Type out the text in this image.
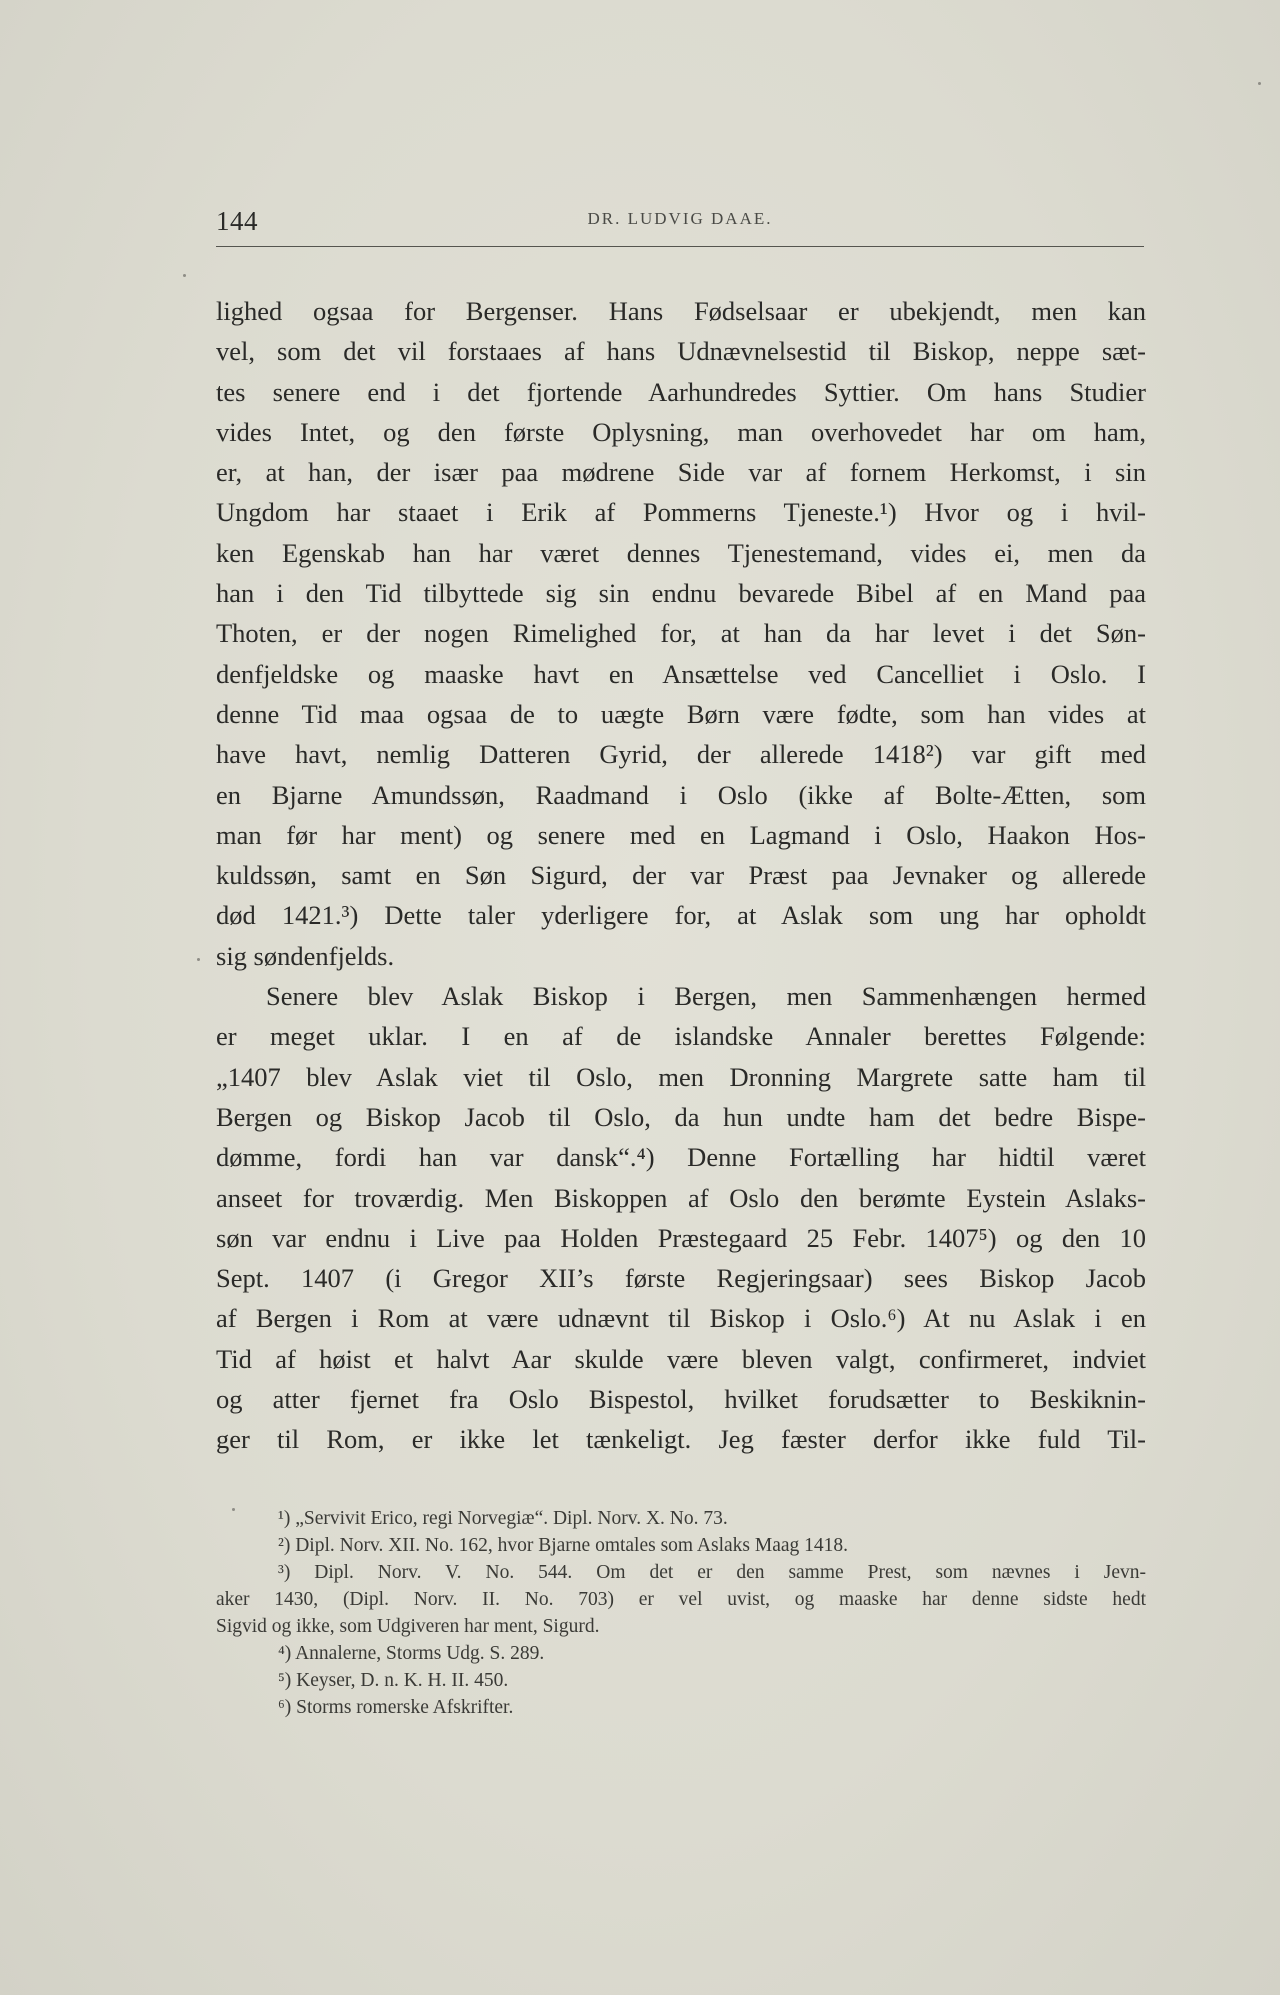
144	DR. LUDVIG DAAE.
lighed ogsaa for Bergenser. Hans Fødselsaar er ubekjendt, men kan
vel, som det vil forstaaes af hans Udnævnelsestid til Biskop, neppe sæt-
tes senere end i det fjortende Aarhundredes Syttier. Om hans Studier
vides Intet, og den første Oplysning, man overhovedet har om ham,
er, at han, der især paa mødrene Side var af fornem Herkomst, i sin
Ungdom har staaet i Erik af Pommerns Tjeneste.¹) Hvor og i hvil-
ken Egenskab han har været dennes Tjenestemand, vides ei, men da
han i den Tid tilbyttede sig sin endnu bevarede Bibel af en Mand paa
Thoten, er der nogen Rimelighed for, at han da har levet i det Søn-
denfjeldske og maaske havt en Ansættelse ved Cancelliet i Oslo. I
denne Tid maa ogsaa de to uægte Børn være fødte, som han vides at
have havt, nemlig Datteren Gyrid, der allerede 1418²) var gift med
en Bjarne Amundssøn, Raadmand i Oslo (ikke af Bolte-Ætten, som
man før har ment) og senere med en Lagmand i Oslo, Haakon Hos-
kuldssøn, samt en Søn Sigurd, der var Præst paa Jevnaker og allerede
død 1421.³) Dette taler yderligere for, at Aslak som ung har opholdt
sig søndenfjelds.
Senere blev Aslak Biskop i Bergen, men Sammenhængen hermed
er meget uklar. I en af de islandske Annaler berettes Følgende:
„1407 blev Aslak viet til Oslo, men Dronning Margrete satte ham til
Bergen og Biskop Jacob til Oslo, da hun undte ham det bedre Bispe-
dømme, fordi han var dansk“.⁴) Denne Fortælling har hidtil været
anseet for troværdig. Men Biskoppen af Oslo den berømte Eystein Aslaks-
søn var endnu i Live paa Holden Præstegaard 25 Febr. 1407⁵) og den 10
Sept. 1407 (i Gregor XII’s første Regjeringsaar) sees Biskop Jacob
af Bergen i Rom at være udnævnt til Biskop i Oslo.⁶) At nu Aslak i en
Tid af høist et halvt Aar skulde være bleven valgt, confirmeret, indviet
og atter fjernet fra Oslo Bispestol, hvilket forudsætter to Beskiknin-
ger til Rom, er ikke let tænkeligt. Jeg fæster derfor ikke fuld Til-
¹) „Servivit Erico, regi Norvegiæ“. Dipl. Norv. X. No. 73.
²) Dipl. Norv. XII. No. 162, hvor Bjarne omtales som Aslaks Maag 1418.
³) Dipl. Norv. V. No. 544. Om det er den samme Prest, som nævnes i Jevn-
aker 1430, (Dipl. Norv. II. No. 703) er vel uvist, og maaske har denne sidste hedt
Sigvid og ikke, som Udgiveren har ment, Sigurd.
⁴) Annalerne, Storms Udg. S. 289.
⁵) Keyser, D. n. K. H. II. 450.
⁶) Storms romerske Afskrifter.
